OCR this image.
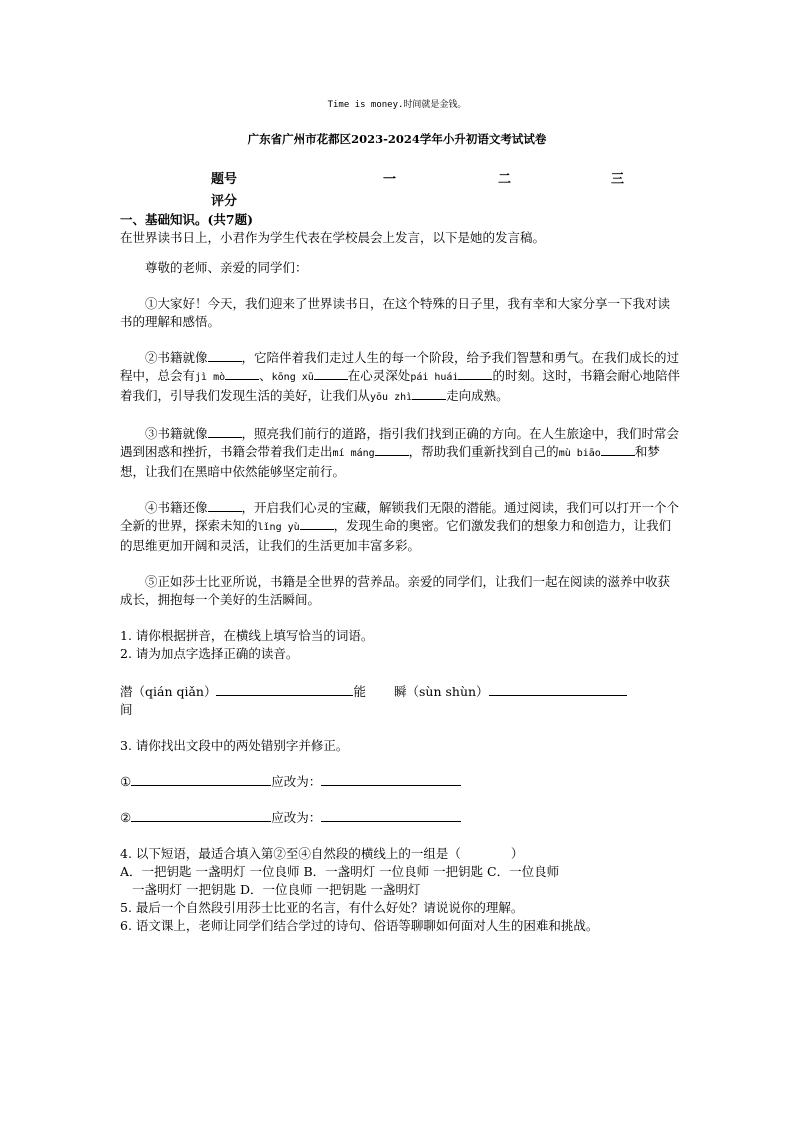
Time is money.时间就是金钱。
广东省广州市花都区2023-2024学年小升初语文考试试卷
题号	一	二	三
评分

一、基础知识。(共7题)

在世界读书日上，小君作为学生代表在学校晨会上发言，以下是她的发言稿。

尊敬的老师、亲爱的同学们：

①大家好！今天，我们迎来了世界读书日，在这个特殊的日子里，我有幸和大家分享一下我对读书的理解和感悟。

②书籍就像	，它陪伴着我们走过人生的每一个阶段，给予我们智慧和勇气。在我们成长的过程中，总会有jì mò	、kōng xū	在心灵深处pái huái	的时刻。这时，书籍会耐心地陪伴着我们，引导我们发现生活的美好，让我们从yōu zhì	走向成熟。

③书籍就像	，照亮我们前行的道路，指引我们找到正确的方向。在人生旅途中，我们时常会遇到困惑和挫折，书籍会带着我们走出mí máng	，帮助我们重新找到自己的mù biāo	和梦想，让我们在黑暗中依然能够坚定前行。

④书籍还像	，开启我们心灵的宝藏，解锁我们无限的潜能。通过阅读，我们可以打开一个个全新的世界，探索未知的lǐng yù	，发现生命的奥密。它们激发我们的想象力和创造力，让我们的思维更加开阔和灵活，让我们的生活更加丰富多彩。

⑤正如莎士比亚所说，书籍是全世界的营养品。亲爱的同学们，让我们一起在阅读的滋养中收获成长，拥抱每一个美好的生活瞬间。

1. 请你根据拼音，在横线上填写恰当的词语。

2. 请为加点字选择正确的读音。

潜（qián qiǎn）	能 瞬（sùn shùn）
间

3. 请你找出文段中的两处错别字并修正。

①	应改为：

②	应改为：

4. 以下短语，最适合填入第②至④自然段的横线上的一组是（　　　　）

A．一把钥匙 一盏明灯 一位良师 B．一盏明灯 一位良师 一把钥匙 C．一位良师

一盏明灯 一把钥匙 D．一位良师 一把钥匙 一盏明灯

5. 最后一个自然段引用莎士比亚的名言，有什么好处？请说说你的理解。

6. 语文课上，老师让同学们结合学过的诗句、俗语等聊聊如何面对人生的困难和挑战。
